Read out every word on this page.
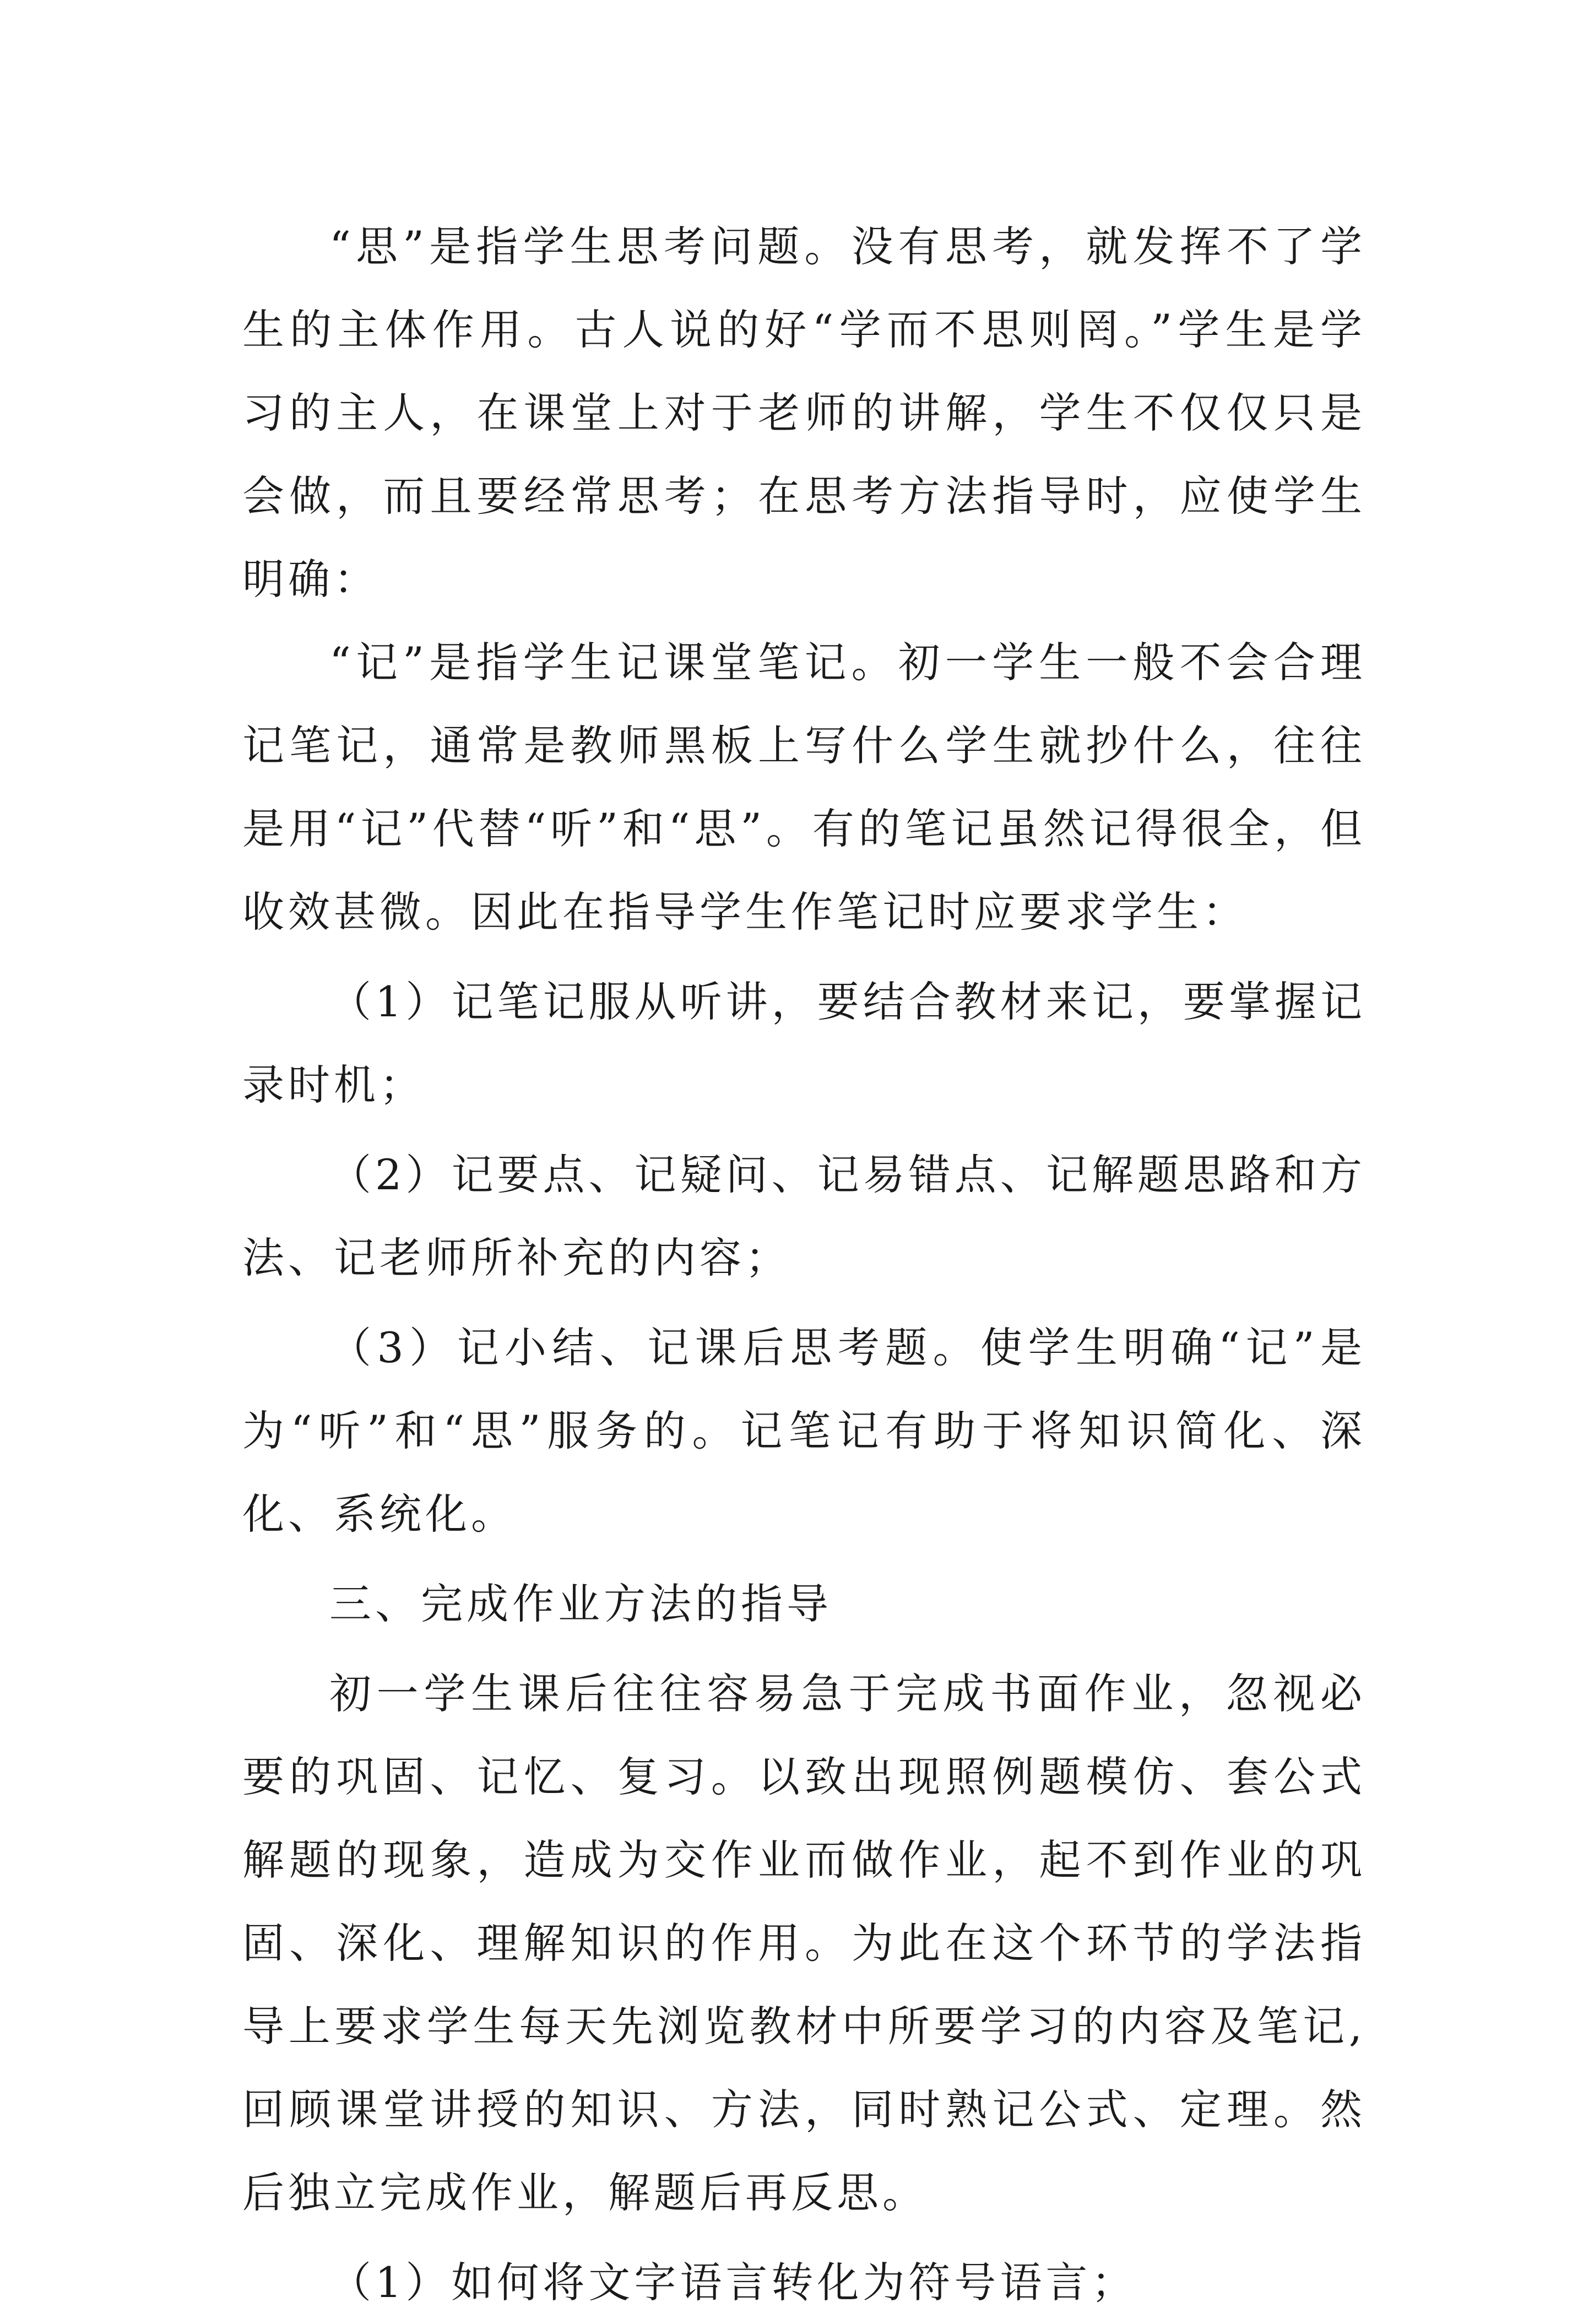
“思”是指学生思考问题。没有思考，就发挥不了学生的主体作用。古人说的好“学而不思则罔。”学生是学习的主人，在课堂上对于老师的讲解，学生不仅仅只是会做，而且要经常思考；在思考方法指导时，应使学生明确：

“记”是指学生记课堂笔记。初一学生一般不会合理记笔记，通常是教师黑板上写什么学生就抄什么，往往是用“记”代替“听”和“思”。有的笔记虽然记得很全，但收效甚微。因此在指导学生作笔记时应要求学生：

（1）记笔记服从听讲，要结合教材来记，要掌握记录时机；

（2）记要点、记疑问、记易错点、记解题思路和方法、记老师所补充的内容；

（3）记小结、记课后思考题。使学生明确“记”是为“听”和“思”服务的。记笔记有助于将知识简化、深化、系统化。

三、完成作业方法的指导

初一学生课后往往容易急于完成书面作业，忽视必要的巩固、记忆、复习。以致出现照例题模仿、套公式解题的现象，造成为交作业而做作业，起不到作业的巩固、深化、理解知识的作用。为此在这个环节的学法指导上要求学生每天先浏览教材中所要学习的内容及笔记,回顾课堂讲授的知识、方法，同时熟记公式、定理。然后独立完成作业，解题后再反思。

（1）如何将文字语言转化为符号语言；
